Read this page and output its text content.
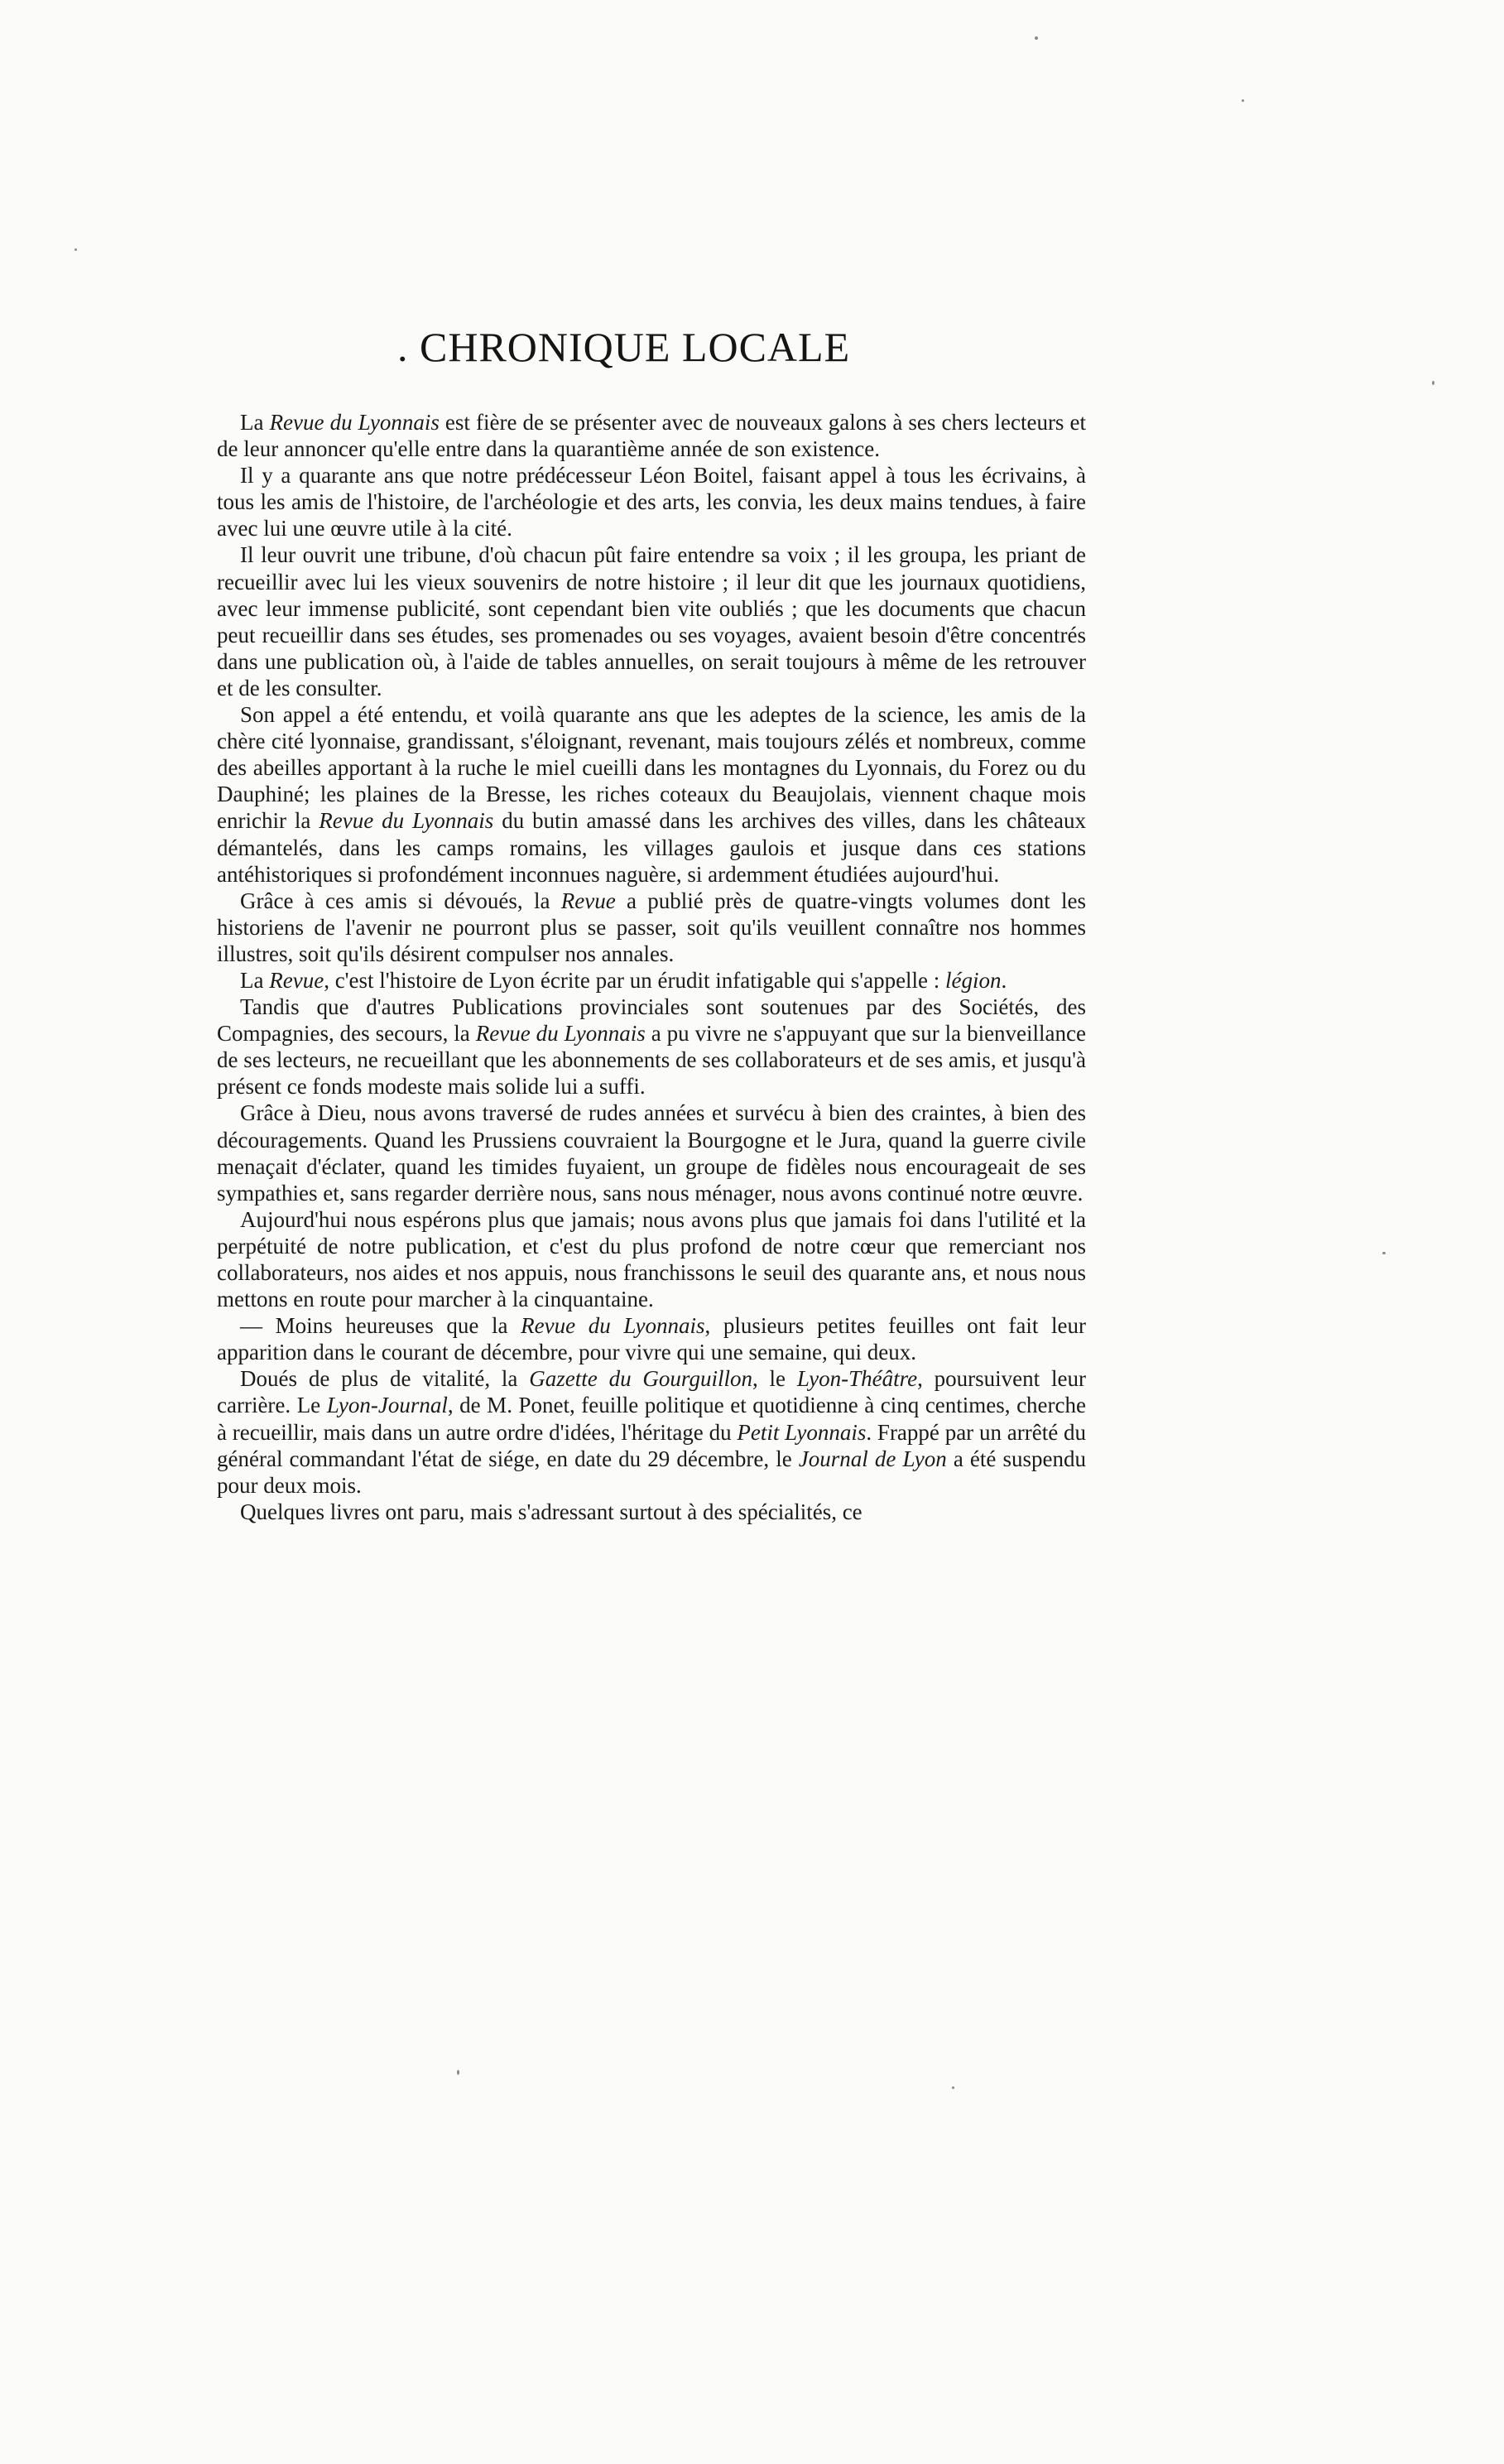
. CHRONIQUE LOCALE

La Revue du Lyonnais est fière de se présenter avec de nouveaux galons à ses chers lecteurs et de leur annoncer qu'elle entre dans la quarantième année de son existence.

Il y a quarante ans que notre prédécesseur Léon Boitel, faisant appel à tous les écrivains, à tous les amis de l'histoire, de l'archéologie et des arts, les convia, les deux mains tendues, à faire avec lui une œuvre utile à la cité.

Il leur ouvrit une tribune, d'où chacun pût faire entendre sa voix ; il les groupa, les priant de recueillir avec lui les vieux souvenirs de notre histoire ; il leur dit que les journaux quotidiens, avec leur immense publicité, sont cependant bien vite oubliés ; que les documents que chacun peut recueillir dans ses études, ses promenades ou ses voyages, avaient besoin d'être concentrés dans une publication où, à l'aide de tables annuelles, on serait toujours à même de les retrouver et de les consulter.

Son appel a été entendu, et voilà quarante ans que les adeptes de la science, les amis de la chère cité lyonnaise, grandissant, s'éloignant, revenant, mais toujours zélés et nombreux, comme des abeilles apportant à la ruche le miel cueilli dans les montagnes du Lyonnais, du Forez ou du Dauphiné; les plaines de la Bresse, les riches coteaux du Beaujolais, viennent chaque mois enrichir la Revue du Lyonnais du butin amassé dans les archives des villes, dans les châteaux démantelés, dans les camps romains, les villages gaulois et jusque dans ces stations antéhistoriques si profondément inconnues naguère, si ardemment étudiées aujourd'hui.

Grâce à ces amis si dévoués, la Revue a publié près de quatre-vingts volumes dont les historiens de l'avenir ne pourront plus se passer, soit qu'ils veuillent connaître nos hommes illustres, soit qu'ils désirent compulser nos annales.

La Revue, c'est l'histoire de Lyon écrite par un érudit infatigable qui s'appelle : légion.

Tandis que d'autres Publications provinciales sont soutenues par des Sociétés, des Compagnies, des secours, la Revue du Lyonnais a pu vivre ne s'appuyant que sur la bienveillance de ses lecteurs, ne recueillant que les abonnements de ses collaborateurs et de ses amis, et jusqu'à présent ce fonds modeste mais solide lui a suffi.

Grâce à Dieu, nous avons traversé de rudes années et survécu à bien des craintes, à bien des découragements. Quand les Prussiens couvraient la Bourgogne et le Jura, quand la guerre civile menaçait d'éclater, quand les timides fuyaient, un groupe de fidèles nous encourageait de ses sympathies et, sans regarder derrière nous, sans nous ménager, nous avons continué notre œuvre.

Aujourd'hui nous espérons plus que jamais; nous avons plus que jamais foi dans l'utilité et la perpétuité de notre publication, et c'est du plus profond de notre cœur que remerciant nos collaborateurs, nos aides et nos appuis, nous franchissons le seuil des quarante ans, et nous nous mettons en route pour marcher à la cinquantaine.

— Moins heureuses que la Revue du Lyonnais, plusieurs petites feuilles ont fait leur apparition dans le courant de décembre, pour vivre qui une semaine, qui deux.

Doués de plus de vitalité, la Gazette du Gourguillon, le Lyon-Théâtre, poursuivent leur carrière. Le Lyon-Journal, de M. Ponet, feuille politique et quotidienne à cinq centimes, cherche à recueillir, mais dans un autre ordre d'idées, l'héritage du Petit Lyonnais. Frappé par un arrêté du général commandant l'état de siége, en date du 29 décembre, le Journal de Lyon a été suspendu pour deux mois.

Quelques livres ont paru, mais s'adressant surtout à des spécialités, ce
